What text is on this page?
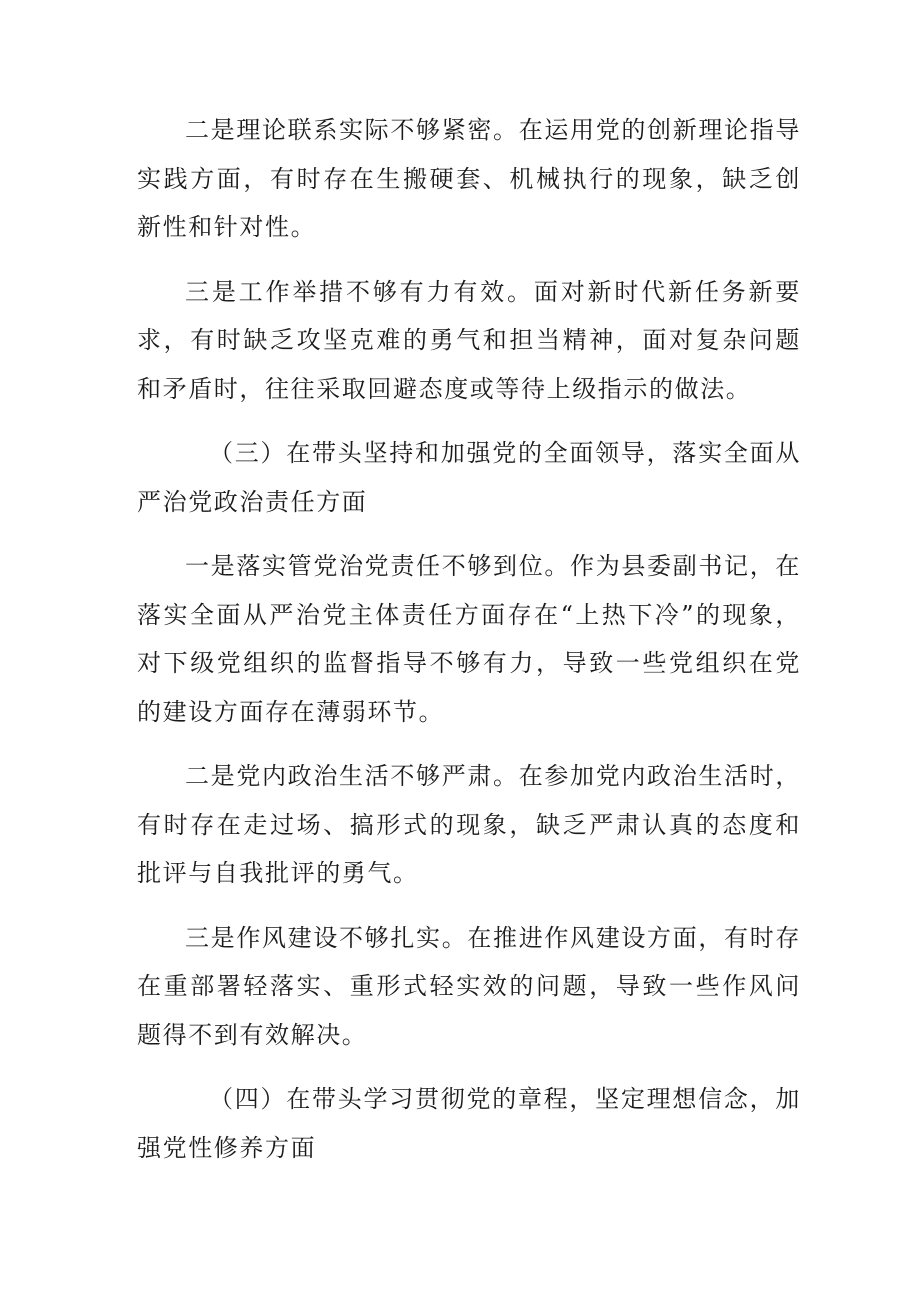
二是理论联系实际不够紧密。在运用党的创新理论指导实践方面，有时存在生搬硬套、机械执行的现象，缺乏创新性和针对性。

三是工作举措不够有力有效。面对新时代新任务新要求，有时缺乏攻坚克难的勇气和担当精神，面对复杂问题和矛盾时，往往采取回避态度或等待上级指示的做法。

（三）在带头坚持和加强党的全面领导，落实全面从严治党政治责任方面

一是落实管党治党责任不够到位。作为县委副书记，在落实全面从严治党主体责任方面存在“上热下冷”的现象，对下级党组织的监督指导不够有力，导致一些党组织在党的建设方面存在薄弱环节。

二是党内政治生活不够严肃。在参加党内政治生活时，有时存在走过场、搞形式的现象，缺乏严肃认真的态度和批评与自我批评的勇气。

三是作风建设不够扎实。在推进作风建设方面，有时存在重部署轻落实、重形式轻实效的问题，导致一些作风问题得不到有效解决。

（四）在带头学习贯彻党的章程，坚定理想信念，加强党性修养方面
